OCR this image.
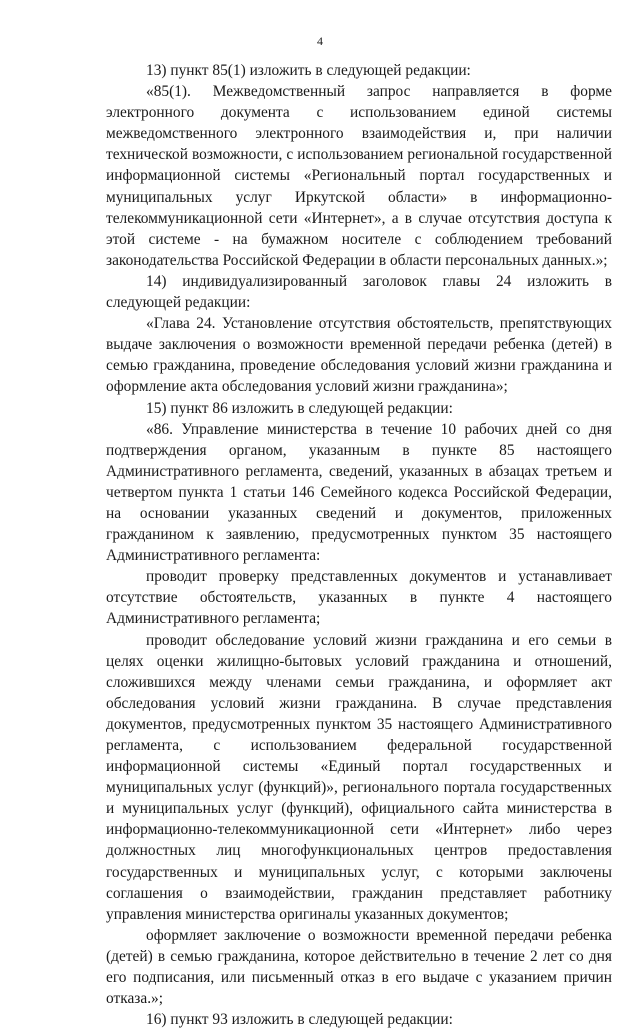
4

13) пункт 85(1) изложить в следующей редакции:

«85(1). Межведомственный запрос направляется в форме электронного документа с использованием единой системы межведомственного электронного взаимодействия и, при наличии технической возможности, с использованием региональной государственной информационной системы «Региональный портал государственных и муниципальных услуг Иркутской области» в информационно-телекоммуникационной сети «Интернет», а в случае отсутствия доступа к этой системе - на бумажном носителе с соблюдением требований законодательства Российской Федерации в области персональных данных.»;

14) индивидуализированный заголовок главы 24 изложить в следующей редакции:

«Глава 24. Установление отсутствия обстоятельств, препятствующих выдаче заключения о возможности временной передачи ребенка (детей) в семью гражданина, проведение обследования условий жизни гражданина и оформление акта обследования условий жизни гражданина»;

15) пункт 86 изложить в следующей редакции:

«86. Управление министерства в течение 10 рабочих дней со дня подтверждения органом, указанным в пункте 85 настоящего Административного регламента, сведений, указанных в абзацах третьем и четвертом пункта 1 статьи 146 Семейного кодекса Российской Федерации, на основании указанных сведений и документов, приложенных гражданином к заявлению, предусмотренных пунктом 35 настоящего Административного регламента:

проводит проверку представленных документов и устанавливает отсутствие обстоятельств, указанных в пункте 4 настоящего Административного регламента;

проводит обследование условий жизни гражданина и его семьи в целях оценки жилищно-бытовых условий гражданина и отношений, сложившихся между членами семьи гражданина, и оформляет акт обследования условий жизни гражданина. В случае представления документов, предусмотренных пунктом 35 настоящего Административного регламента, с использованием федеральной государственной информационной системы «Единый портал государственных и муниципальных услуг (функций)», регионального портала государственных и муниципальных услуг (функций), официального сайта министерства в информационно-телекоммуникационной сети «Интернет» либо через должностных лиц многофункциональных центров предоставления государственных и муниципальных услуг, с которыми заключены соглашения о взаимодействии, гражданин представляет работнику управления министерства оригиналы указанных документов;

оформляет заключение о возможности временной передачи ребенка (детей) в семью гражданина, которое действительно в течение 2 лет со дня его подписания, или письменный отказ в его выдаче с указанием причин отказа.»;

16) пункт 93 изложить в следующей редакции:
